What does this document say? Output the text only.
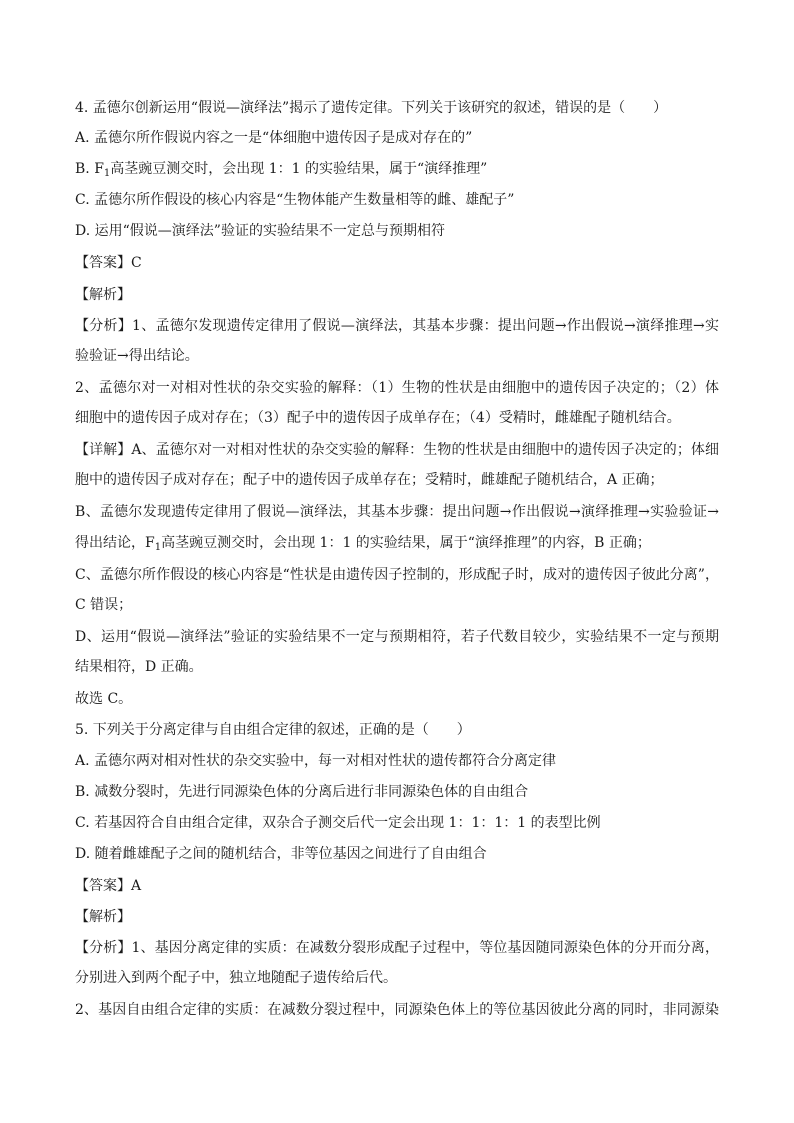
4. 孟德尔创新运用“假说—演绎法”揭示了遗传定律。下列关于该研究的叙述，错误的是（　　）
A. 孟德尔所作假说内容之一是“体细胞中遗传因子是成对存在的”
B. $F_1$高茎豌豆测交时，会出现 1：1 的实验结果，属于“演绎推理”
C. 孟德尔所作假设的核心内容是“生物体能产生数量相等的雌、雄配子”
D. 运用“假说—演绎法”验证的实验结果不一定总与预期相符
【答案】C
【解析】
【分析】1、孟德尔发现遗传定律用了假说—演绎法，其基本步骤：提出问题→作出假说→演绎推理→实
验验证→得出结论。
2、孟德尔对一对相对性状的杂交实验的解释：（1）生物的性状是由细胞中的遗传因子决定的；（2）体
细胞中的遗传因子成对存在；（3）配子中的遗传因子成单存在；（4）受精时，雌雄配子随机结合。
【详解】A、孟德尔对一对相对性状的杂交实验的解释：生物的性状是由细胞中的遗传因子决定的；体细
胞中的遗传因子成对存在；配子中的遗传因子成单存在；受精时，雌雄配子随机结合，A 正确；
B、孟德尔发现遗传定律用了假说—演绎法，其基本步骤：提出问题→作出假说→演绎推理→实验验证→
得出结论，$F_1$高茎豌豆测交时，会出现 1：1 的实验结果，属于“演绎推理”的内容，B 正确；
C、孟德尔所作假设的核心内容是“性状是由遗传因子控制的，形成配子时，成对的遗传因子彼此分离”，
C 错误；
D、运用“假说—演绎法”验证的实验结果不一定与预期相符，若子代数目较少，实验结果不一定与预期
结果相符，D 正确。
故选 C。
5. 下列关于分离定律与自由组合定律的叙述，正确的是（　　）
A. 孟德尔两对相对性状的杂交实验中，每一对相对性状的遗传都符合分离定律
B. 减数分裂时，先进行同源染色体的分离后进行非同源染色体的自由组合
C. 若基因符合自由组合定律，双杂合子测交后代一定会出现 1：1：1：1 的表型比例
D. 随着雌雄配子之间的随机结合，非等位基因之间进行了自由组合
【答案】A
【解析】
【分析】1、基因分离定律的实质：在减数分裂形成配子过程中，等位基因随同源染色体的分开而分离，
分别进入到两个配子中，独立地随配子遗传给后代。
2、基因自由组合定律的实质：在减数分裂过程中，同源染色体上的等位基因彼此分离的同时，非同源染
